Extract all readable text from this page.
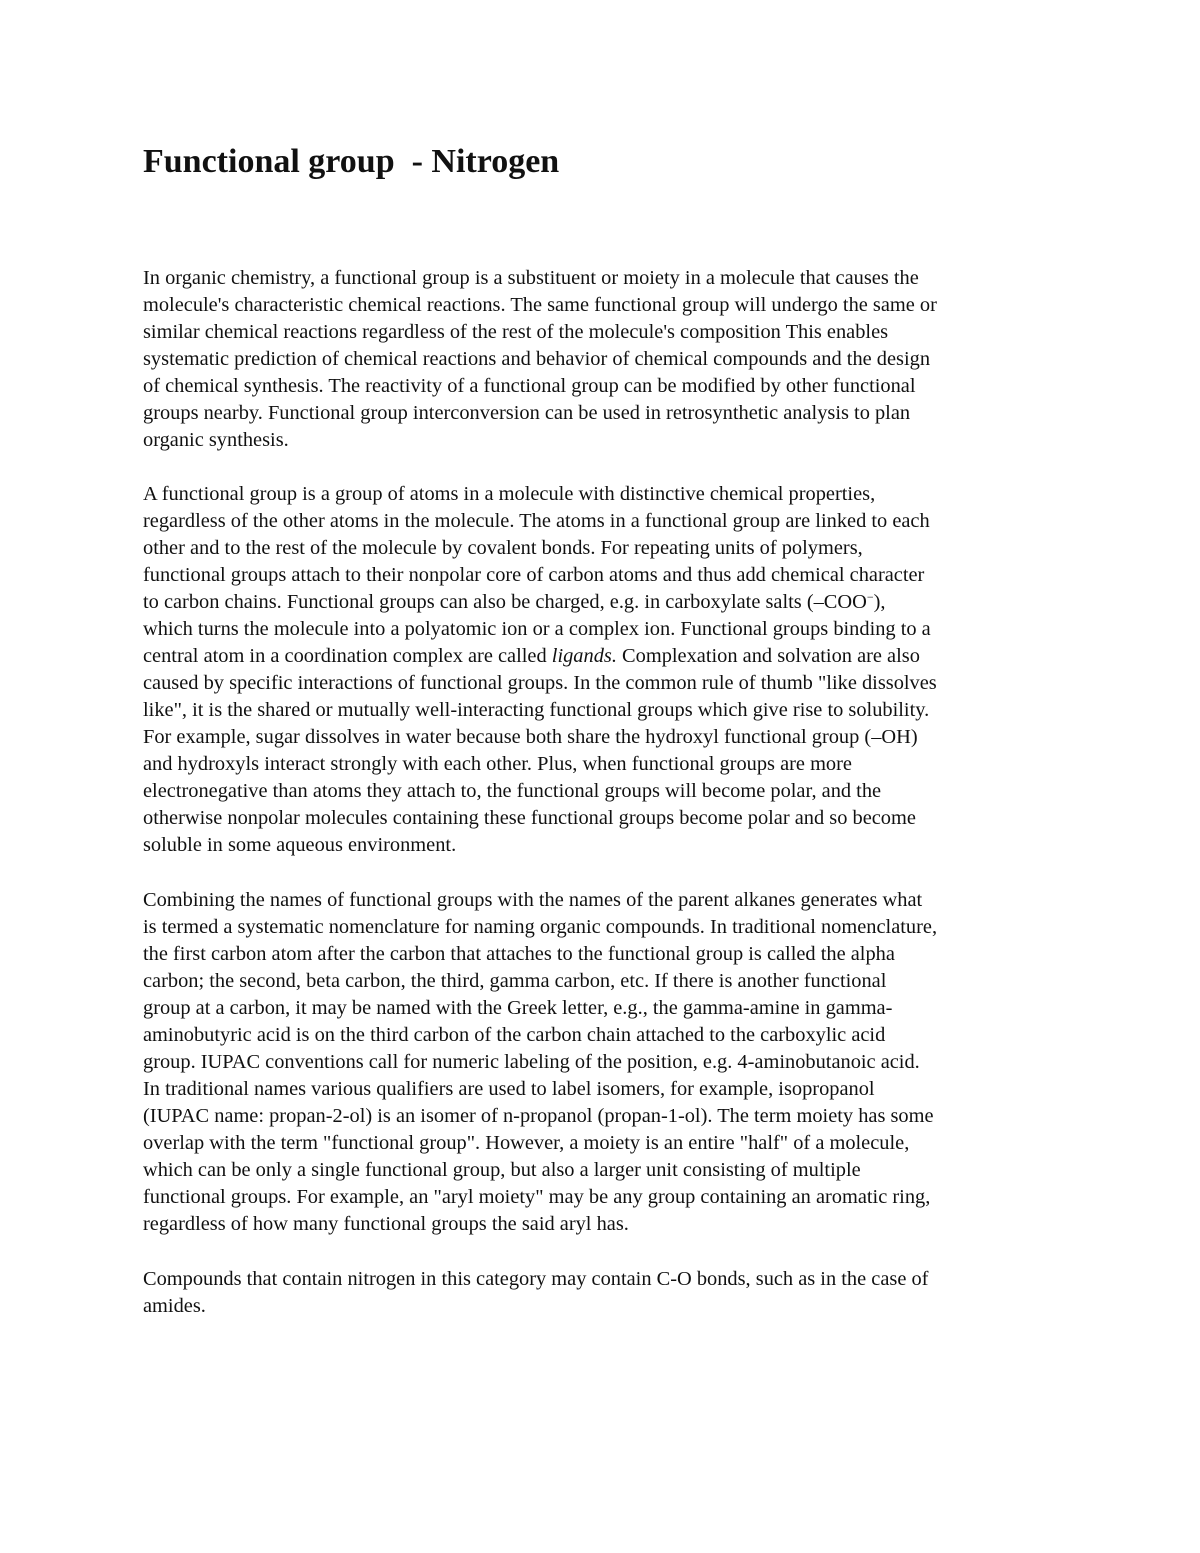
Functional group  - Nitrogen

In organic chemistry, a functional group is a substituent or moiety in a molecule that causes the
molecule's characteristic chemical reactions. The same functional group will undergo the same or
similar chemical reactions regardless of the rest of the molecule's composition This enables
systematic prediction of chemical reactions and behavior of chemical compounds and the design
of chemical synthesis. The reactivity of a functional group can be modified by other functional
groups nearby. Functional group interconversion can be used in retrosynthetic analysis to plan
organic synthesis.

A functional group is a group of atoms in a molecule with distinctive chemical properties,
regardless of the other atoms in the molecule. The atoms in a functional group are linked to each
other and to the rest of the molecule by covalent bonds. For repeating units of polymers,
functional groups attach to their nonpolar core of carbon atoms and thus add chemical character
to carbon chains. Functional groups can also be charged, e.g. in carboxylate salts (–COO−),
which turns the molecule into a polyatomic ion or a complex ion. Functional groups binding to a
central atom in a coordination complex are called ligands. Complexation and solvation are also
caused by specific interactions of functional groups. In the common rule of thumb "like dissolves
like", it is the shared or mutually well-interacting functional groups which give rise to solubility.
For example, sugar dissolves in water because both share the hydroxyl functional group (–OH)
and hydroxyls interact strongly with each other. Plus, when functional groups are more
electronegative than atoms they attach to, the functional groups will become polar, and the
otherwise nonpolar molecules containing these functional groups become polar and so become
soluble in some aqueous environment.

Combining the names of functional groups with the names of the parent alkanes generates what
is termed a systematic nomenclature for naming organic compounds. In traditional nomenclature,
the first carbon atom after the carbon that attaches to the functional group is called the alpha
carbon; the second, beta carbon, the third, gamma carbon, etc. If there is another functional
group at a carbon, it may be named with the Greek letter, e.g., the gamma-amine in gamma-
aminobutyric acid is on the third carbon of the carbon chain attached to the carboxylic acid
group. IUPAC conventions call for numeric labeling of the position, e.g. 4-aminobutanoic acid.
In traditional names various qualifiers are used to label isomers, for example, isopropanol
(IUPAC name: propan-2-ol) is an isomer of n-propanol (propan-1-ol). The term moiety has some
overlap with the term "functional group". However, a moiety is an entire "half" of a molecule,
which can be only a single functional group, but also a larger unit consisting of multiple
functional groups. For example, an "aryl moiety" may be any group containing an aromatic ring,
regardless of how many functional groups the said aryl has.

Compounds that contain nitrogen in this category may contain C-O bonds, such as in the case of
amides.
